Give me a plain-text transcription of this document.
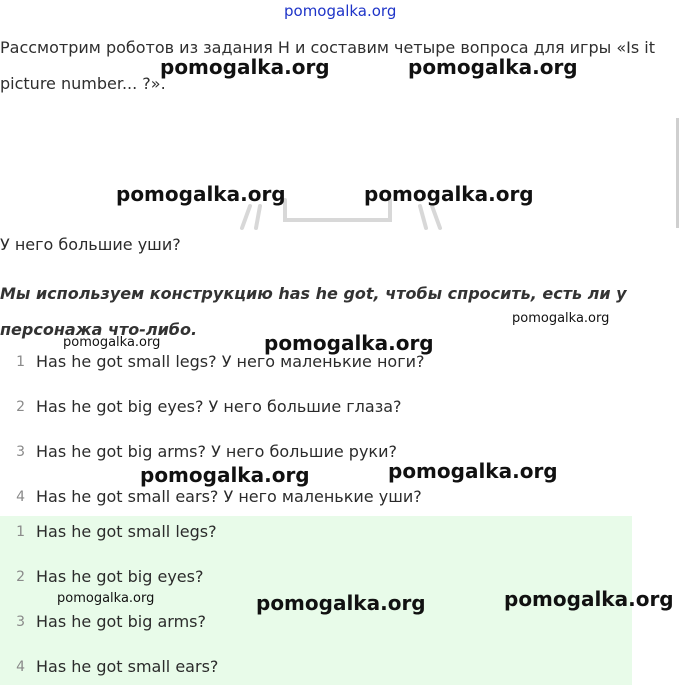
pomogalka.org
Рассмотрим роботов из задания H и составим четыре вопроса для игры «Is it picture number... ?».
У него большие уши?
Мы используем конструкцию has he got, чтобы спросить, есть ли у персонажа что-либо.
1 Has he got small legs? У него маленькие ноги?
2 Has he got big eyes? У него большие глаза?
3 Has he got big arms? У него большие руки?
4 Has he got small ears? У него маленькие уши?
1 Has he got small legs?
2 Has he got big eyes?
3 Has he got big arms?
4 Has he got small ears?
pomogalka.org	pomogalka.org
pomogalka.org	pomogalka.org
pomogalka.org
pomogalka.org	pomogalka.org
pomogalka.org	pomogalka.org
pomogalka.org	pomogalka.org	pomogalka.org
